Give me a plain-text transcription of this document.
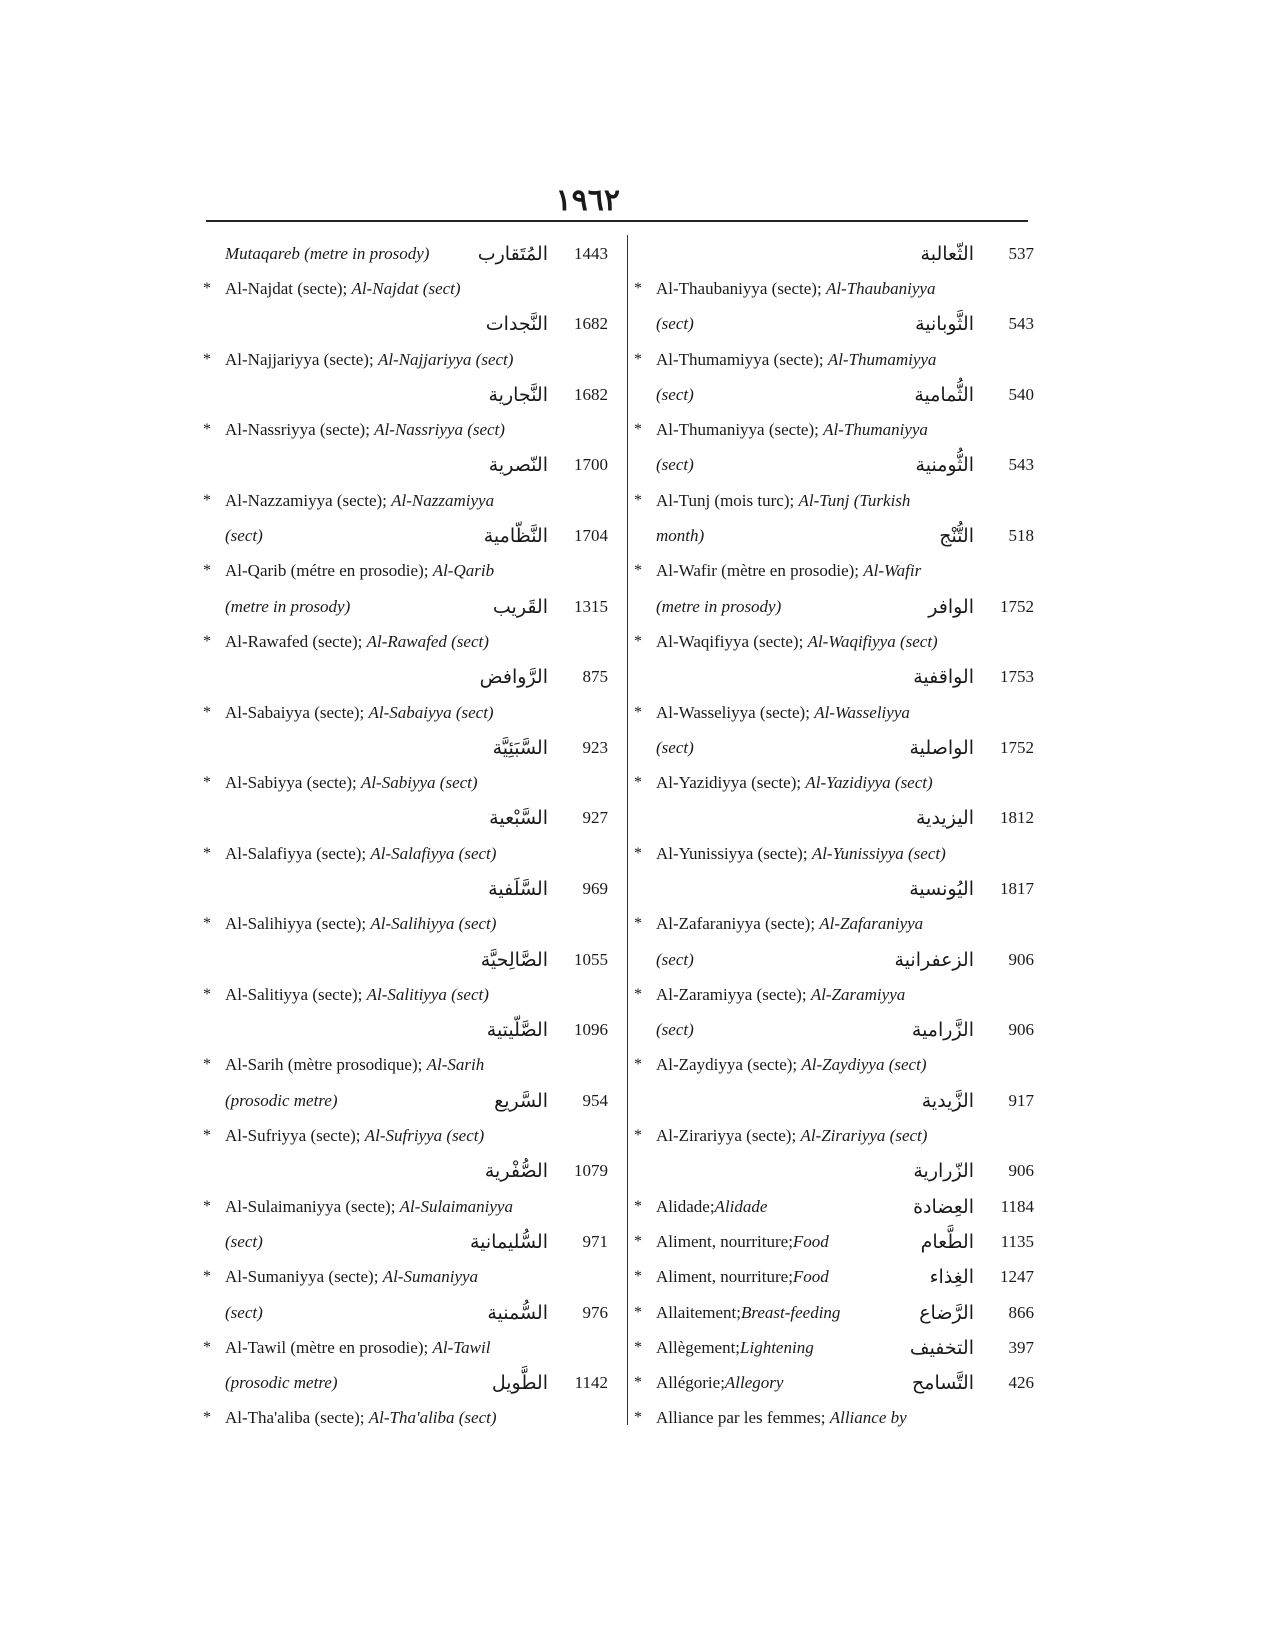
١٩٦٢
Mutaqareb (metre in prosody)	المُتَقارب	1443
* Al-Najdat (secte); Al-Najdat (sect)
النَّجدات	1682
* Al-Najjariyya (secte); Al-Najjariyya (sect)
النَّجارية	1682
* Al-Nassriyya (secte); Al-Nassriyya (sect)
النّصرية	1700
* Al-Nazzamiyya (secte); Al-Nazzamiyya
(sect)	النَّظّامية	1704
* Al-Qarib (métre en prosodie); Al-Qarib
(metre in prosody)	القَريب	1315
* Al-Rawafed (secte); Al-Rawafed (sect)
الرَّوافض	875
* Al-Sabaiyya (secte); Al-Sabaiyya (sect)
السَّبَئِيَّة	923
* Al-Sabiyya (secte); Al-Sabiyya (sect)
السَّبْعية	927
* Al-Salafiyya (secte); Al-Salafiyya (sect)
السَّلَفية	969
* Al-Salihiyya (secte); Al-Salihiyya (sect)
الصَّالِحيَّة	1055
* Al-Salitiyya (secte); Al-Salitiyya (sect)
الصَّلّيتية	1096
* Al-Sarih (mètre prosodique); Al-Sarih
(prosodic metre)	السَّريع	954
* Al-Sufriyya (secte); Al-Sufriyya (sect)
الصُّفْرية	1079
* Al-Sulaimaniyya (secte); Al-Sulaimaniyya
(sect)	السُّليمانية	971
* Al-Sumaniyya (secte); Al-Sumaniyya
(sect)	السُّمنية	976
* Al-Tawil (mètre en prosodie); Al-Tawil
(prosodic metre)	الطَّويل	1142
* Al-Tha'aliba (secte); Al-Tha'aliba (sect)
الثّعالبة	537
* Al-Thaubaniyya (secte); Al-Thaubaniyya
(sect)	الثَّوبانية	543
* Al-Thumamiyya (secte); Al-Thumamiyya
(sect)	الثُّمامية	540
* Al-Thumaniyya (secte); Al-Thumaniyya
(sect)	الثُّومنية	543
* Al-Tunj (mois turc); Al-Tunj (Turkish
month)	التُّنْج	518
* Al-Wafir (mètre en prosodie); Al-Wafir
(metre in prosody)	الوافر	1752
* Al-Waqifiyya (secte); Al-Waqifiyya (sect)
الواقفية	1753
* Al-Wasseliyya (secte); Al-Wasseliyya
(sect)	الواصلية	1752
* Al-Yazidiyya (secte); Al-Yazidiyya (sect)
اليزيدية	1812
* Al-Yunissiyya (secte); Al-Yunissiyya (sect)
اليُونسية	1817
* Al-Zafaraniyya (secte); Al-Zafaraniyya
(sect)	الزعفرانية	906
* Al-Zaramiyya (secte); Al-Zaramiyya
(sect)	الزَّرامية	906
* Al-Zaydiyya (secte); Al-Zaydiyya (sect)
الزَّيدية	917
* Al-Zirariyya (secte); Al-Zirariyya (sect)
الزّرارية	906
* Alidade; Alidade	العِضادة	1184
* Aliment, nourriture; Food	الطَّعام	1135
* Aliment, nourriture; Food	الغِذاء	1247
* Allaitement; Breast-feeding	الرَّضاع	866
* Allègement; Lightening	التخفيف	397
* Allégorie; Allegory	التَّسامح	426
* Alliance par les femmes; Alliance by
